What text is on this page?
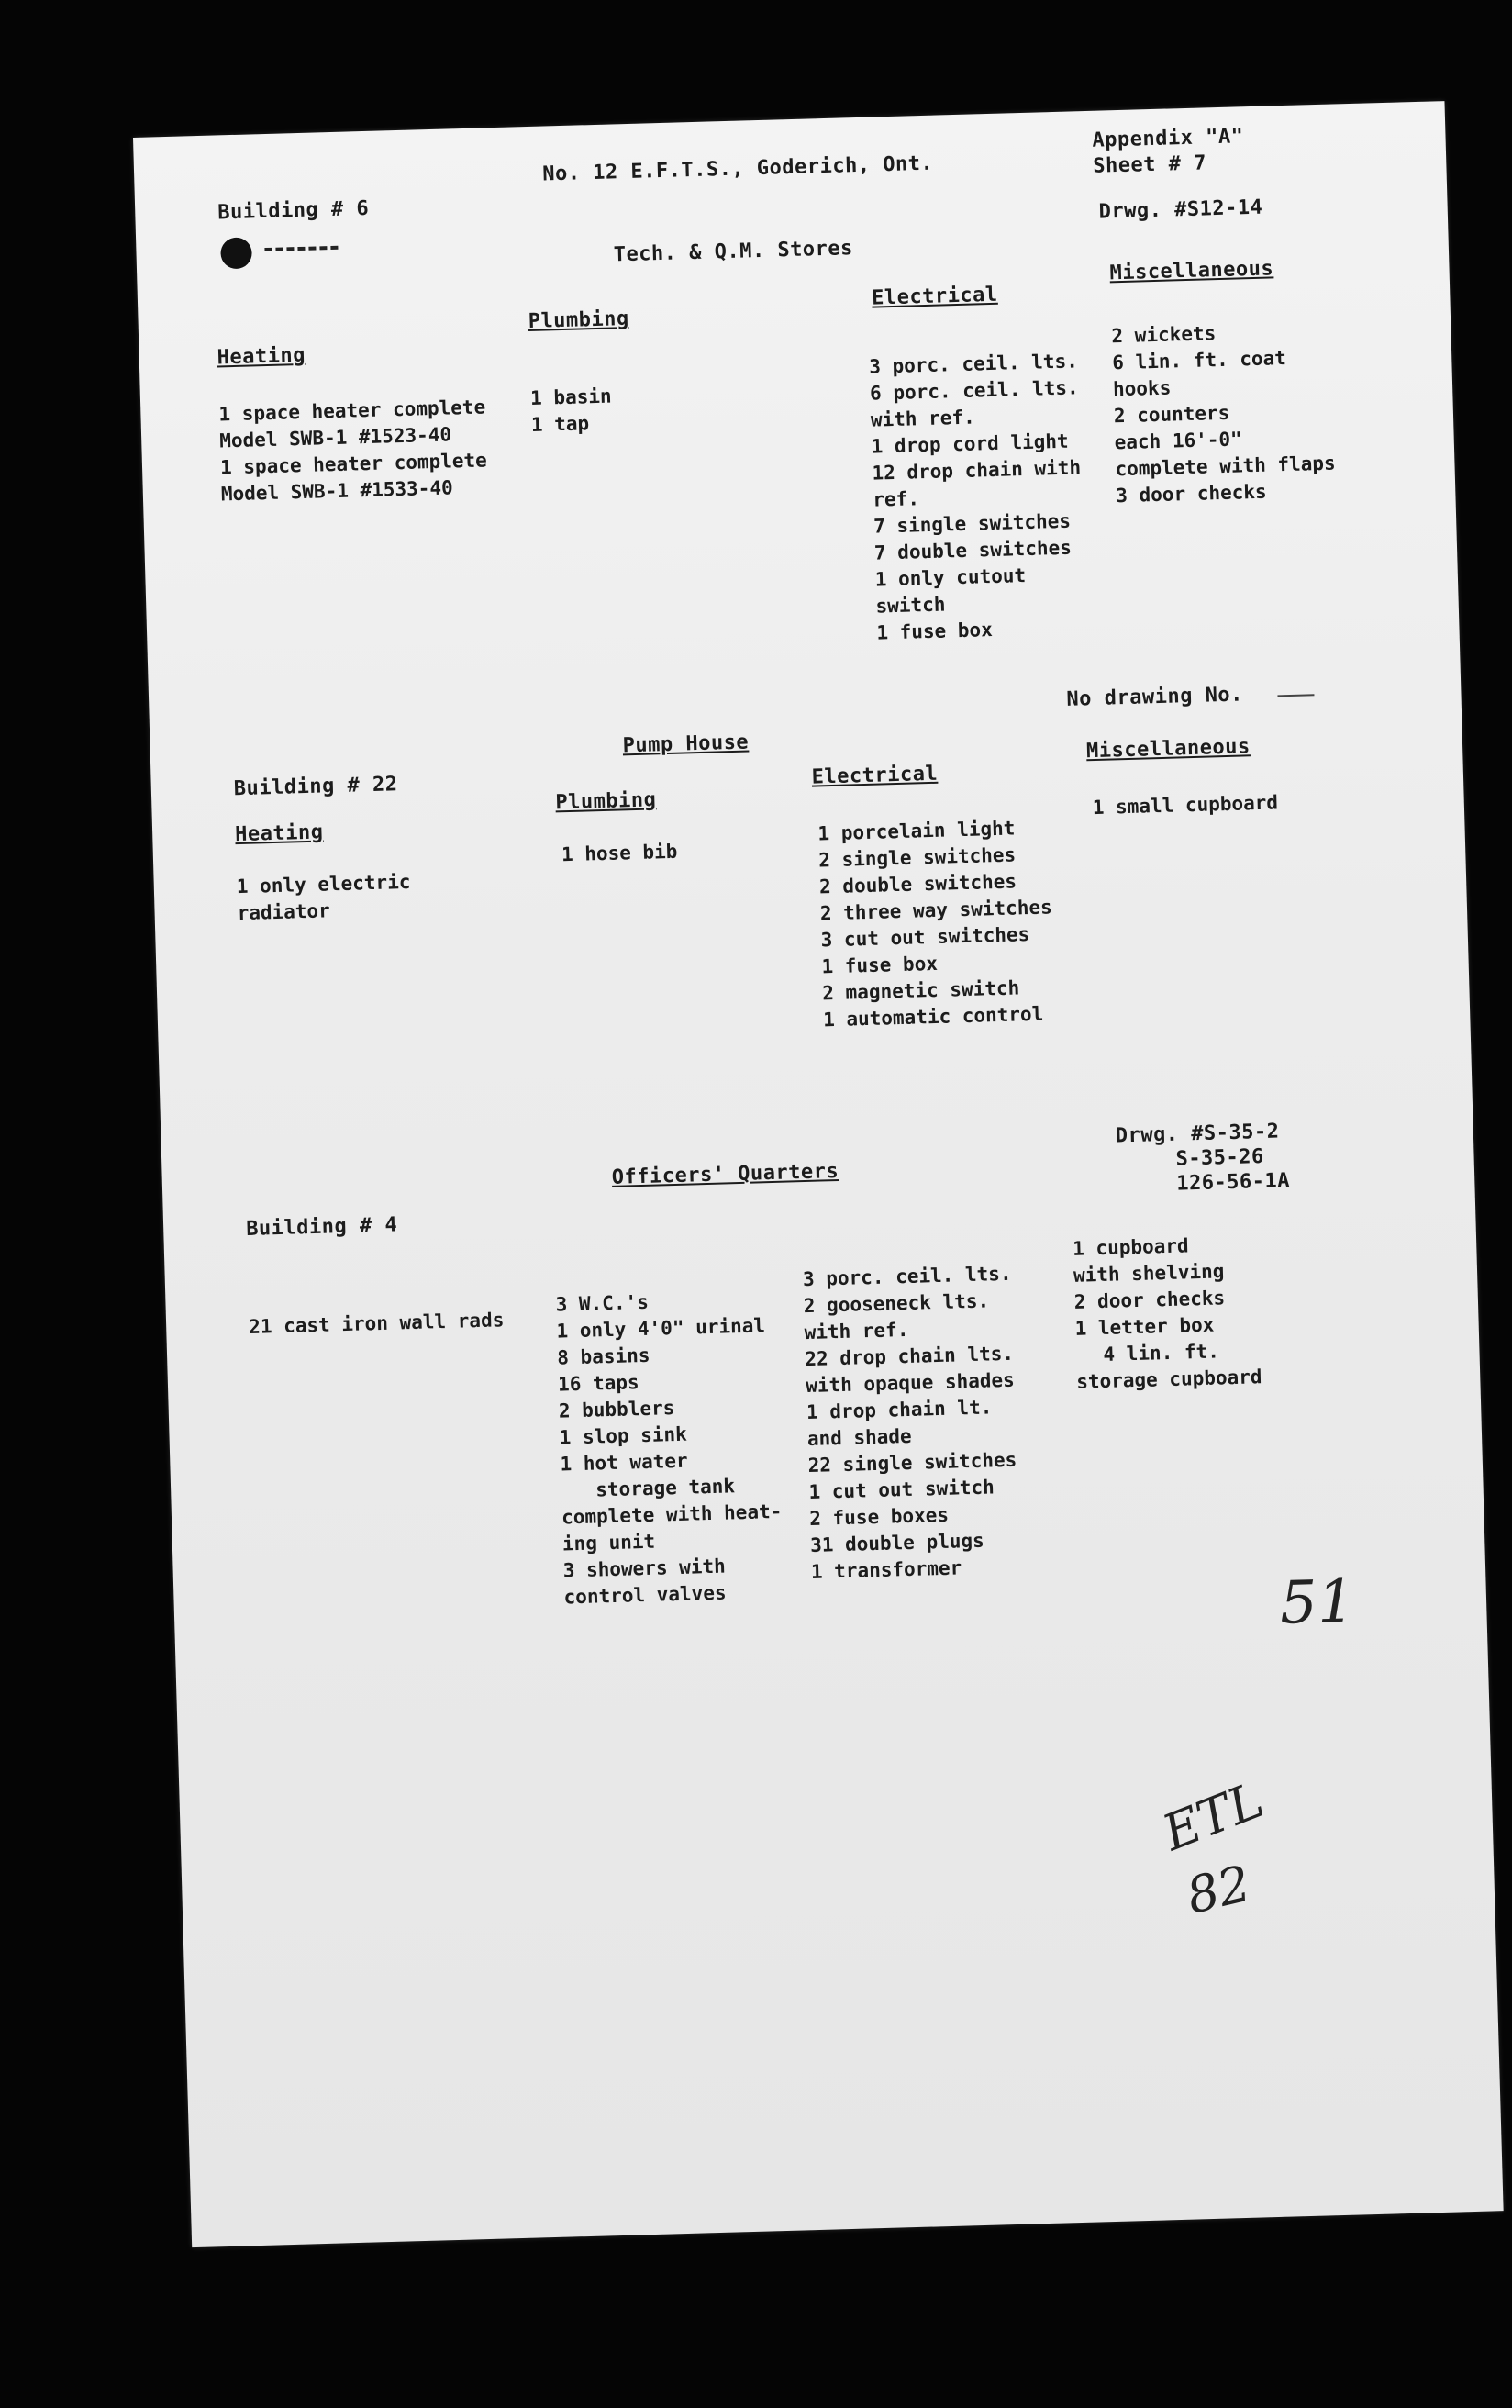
No. 12 E.F.T.S., Goderich, Ont.
Appendix "A"
Sheet # 7
Building # 6	Drwg. #S12-14
Tech. & Q.M. Stores
Heating
Plumbing
Electrical
Miscellaneous
1 space heater complete
Model SWB-1 #1523-40
1 space heater complete
Model SWB-1 #1533-40
1 basin
1 tap
3 porc. ceil. lts.
6 porc. ceil. lts.
with ref.
1 drop cord light
12 drop chain with
ref.
7 single switches
7 double switches
1 only cutout
switch
1 fuse box
2 wickets
6 lin. ft. coat
hooks
2 counters
each 16'-0"
complete with flaps
3 door checks
No drawing No.
Pump House
Building # 22
Heating
Plumbing
Electrical
Miscellaneous
1 only electric
radiator
1 hose bib
1 porcelain light
2 single switches
2 double switches
2 three way switches
3 cut out switches
1 fuse box
2 magnetic switch
1 automatic control
1 small cupboard
Drwg. #S-35-2
S-35-26
126-56-1A
Officers' Quarters
Building # 4
21 cast iron wall rads
3 W.C.'s
1 only 4'0" urinal
8 basins
16 taps
2 bubblers
1 slop sink
1 hot water
storage tank
complete with heat-
ing unit
3 showers with
control valves
3 porc. ceil. lts.
2 gooseneck lts.
with ref.
22 drop chain lts.
with opaque shades
1 drop chain lt.
and shade
22 single switches
1 cut out switch
2 fuse boxes
31 double plugs
1 transformer
1 cupboard
with shelving
2 door checks
1 letter box
4 lin. ft.
storage cupboard
51
ETL
82
